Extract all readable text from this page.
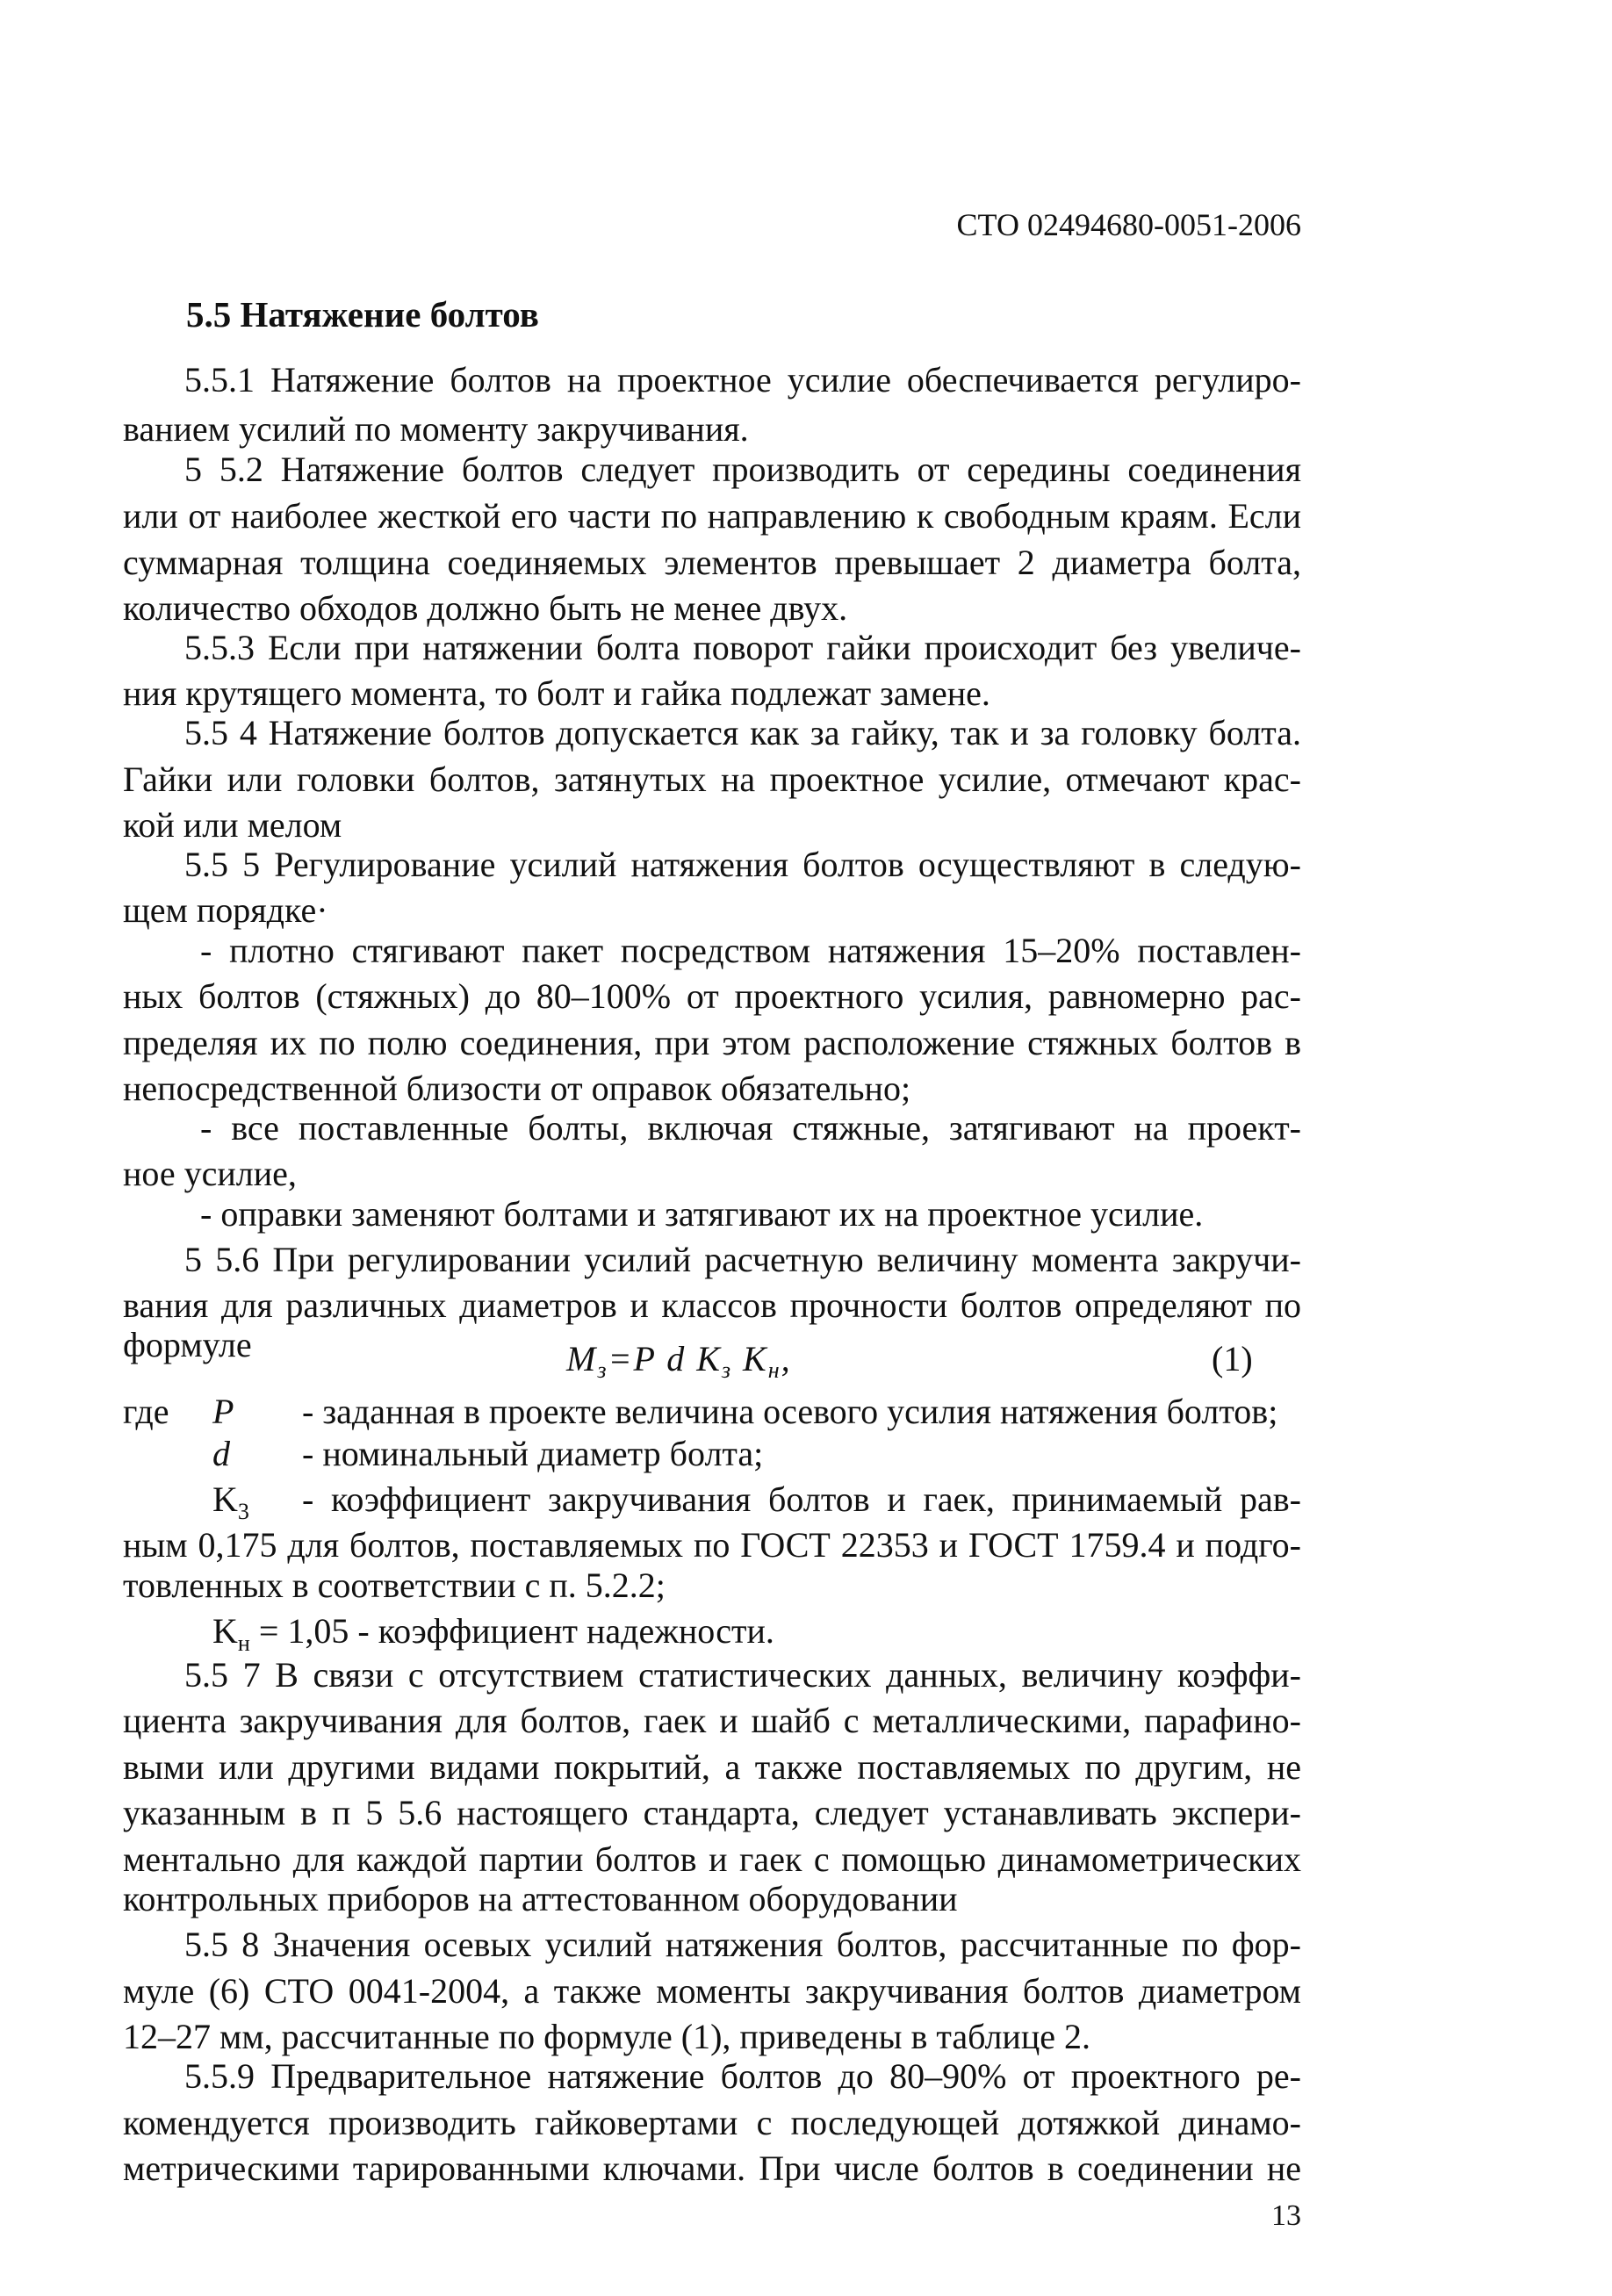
СТО 02494680-0051-2006
5.5 Натяжение болтов
5.5.1 Натяжение болтов на проектное усилие обеспечивается регулиро-
ванием усилий по моменту закручивания.
5 5.2 Натяжение болтов следует производить от середины соединения
или от наиболее жесткой его части по направлению к свободным краям. Если
суммарная толщина соединяемых элементов превышает 2 диаметра болта,
количество обходов должно быть не менее двух.
5.5.3 Если при натяжении болта поворот гайки происходит без увеличе-
ния крутящего момента, то болт и гайка подлежат замене.
5.5 4 Натяжение болтов допускается как за гайку, так и за головку болта.
Гайки или головки болтов, затянутых на проектное усилие, отмечают крас-
кой или мелом
5.5 5 Регулирование усилий натяжения болтов осуществляют в следую-
щем порядке·
- плотно стягивают пакет посредством натяжения 15–20% поставлен-
ных болтов (стяжных) до 80–100% от проектного усилия, равномерно рас-
пределяя их по полю соединения, при этом расположение стяжных болтов в
непосредственной близости от оправок обязательно;
- все поставленные болты, включая стяжные, затягивают на проект-
ное усилие,
- оправки заменяют болтами и затягивают их на проектное усилие.
5 5.6 При регулировании усилий расчетную величину момента закручи-
вания для различных диаметров и классов прочности болтов определяют по
формуле	$M_з=P$ d $K_з$ $K_н$,	(1)
где P - заданная в проекте величина осевого усилия натяжения болтов;
d - номинальный диаметр болта;
$K_3$ - коэффициент закручивания болтов и гаек, принимаемый рав-
ным 0,175 для болтов, поставляемых по ГОСТ 22353 и ГОСТ 1759.4 и подго-
товленных в соответствии с п. 5.2.2;
$K_н = 1,05$ - коэффициент надежности.
5.5 7 В связи с отсутствием статистических данных, величину коэффи-
циента закручивания для болтов, гаек и шайб с металлическими, парафино-
выми или другими видами покрытий, а также поставляемых по другим, не
указанным в п 5 5.6 настоящего стандарта, следует устанавливать экспери-
ментально для каждой партии болтов и гаек с помощью динамометрических
контрольных приборов на аттестованном оборудовании
5.5 8 Значения осевых усилий натяжения болтов, рассчитанные по фор-
муле (6) СТО 0041-2004, а также моменты закручивания болтов диаметром
12–27 мм, рассчитанные по формуле (1), приведены в таблице 2.
5.5.9 Предварительное натяжение болтов до 80–90% от проектного ре-
комендуется производить гайковертами с последующей дотяжкой динамо-
метрическими тарированными ключами. При числе болтов в соединении не
13
